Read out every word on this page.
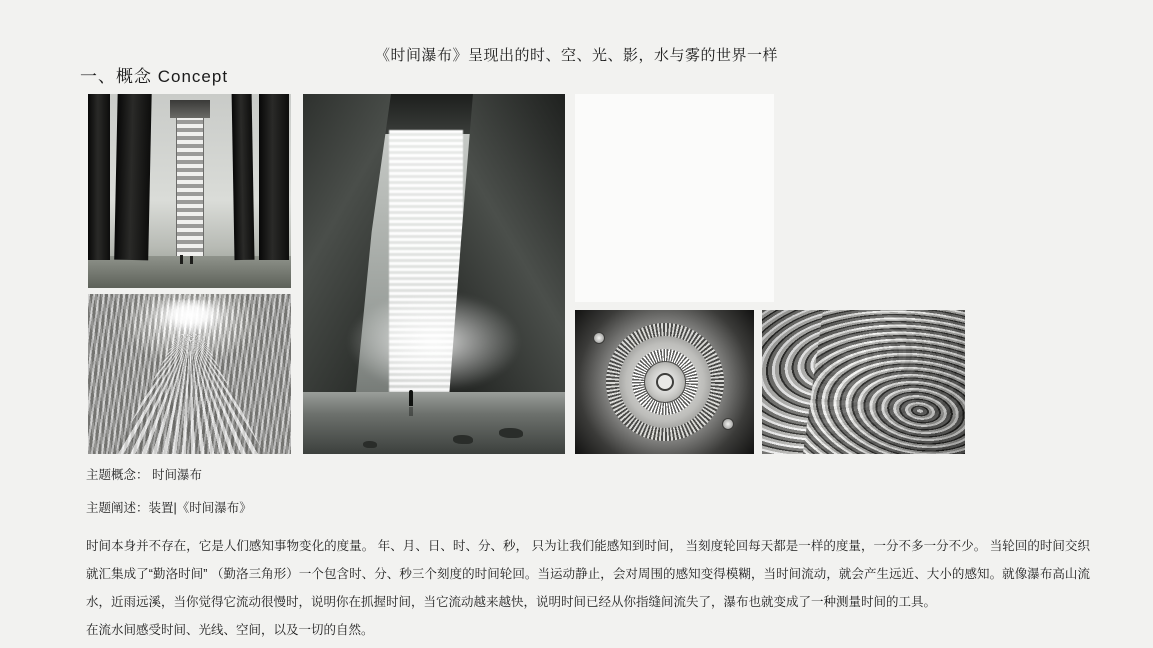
《时间瀑布》呈现出的时、空、光、影，水与雾的世界一样
一、概念 Concept
主题概念： 时间瀑布
主题阐述：装置|《时间瀑布》

时间本身并不存在，它是人们感知事物变化的度量。 年、月、日、时、分、秒， 只为让我们能感知到时间， 当刻度轮回每天都是一样的度量，一分不多一分不少。 当轮回的时间交织就汇集成了“勤洛时间” （勤洛三角形）一个包含时、分、秒三个刻度的时间轮回。当运动静止，会对周围的感知变得模糊，当时间流动，就会产生远近、大小的感知。就像瀑布高山流水，近雨远溪，当你觉得它流动很慢时，说明你在抓握时间，当它流动越来越快，说明时间已经从你指缝间流失了，瀑布也就变成了一种测量时间的工具。

在流水间感受时间、光线、空间，以及一切的自然。
